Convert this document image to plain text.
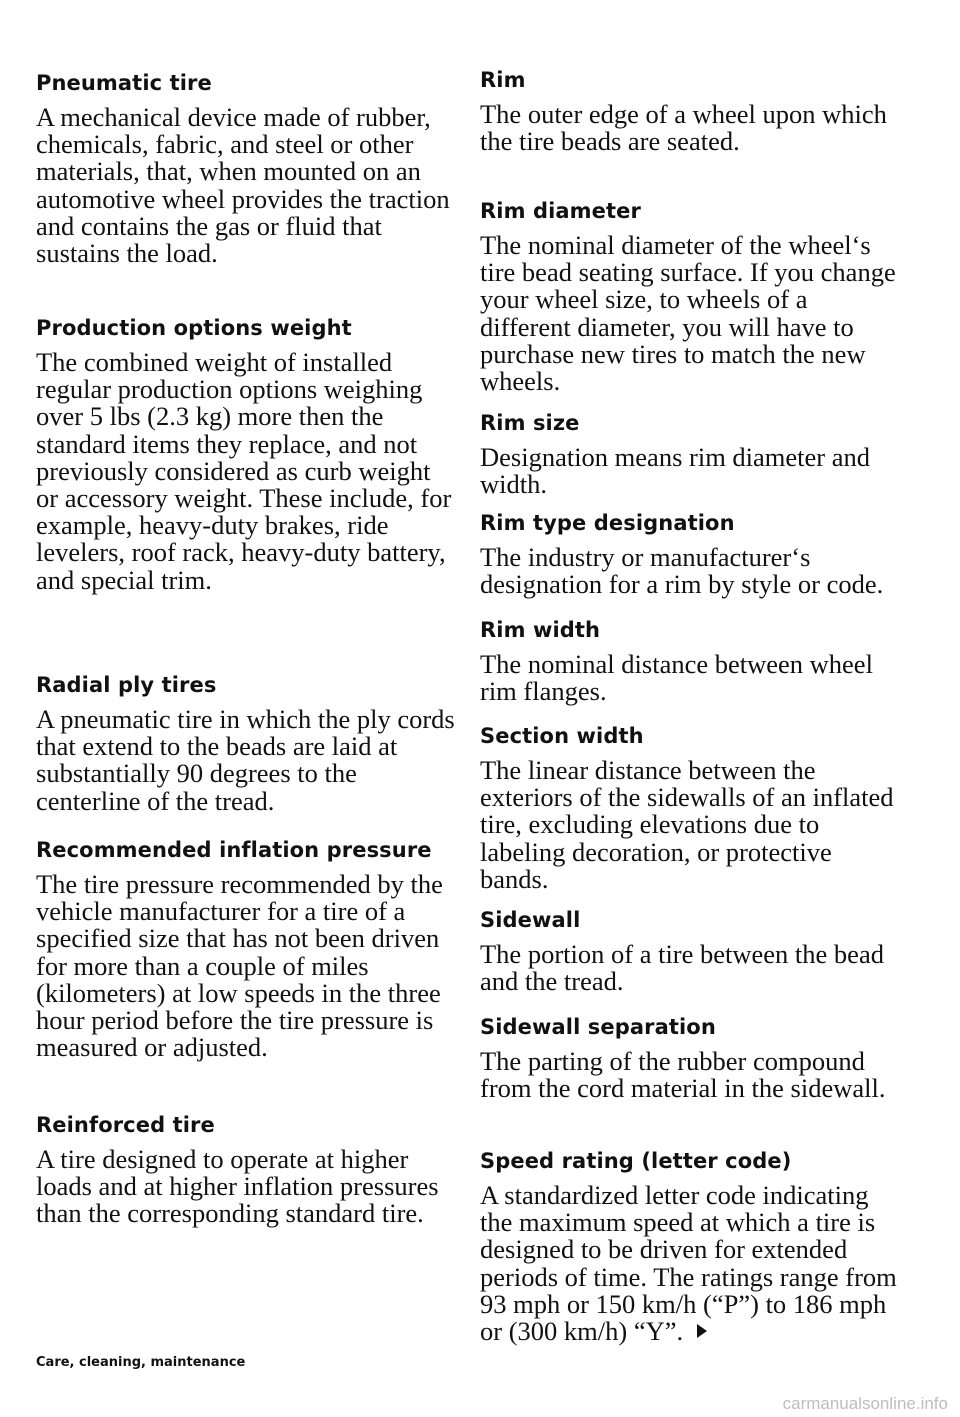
Pneumatic tire

A mechanical device made of rubber, chemicals, fabric, and steel or other materials, that, when mounted on an automotive wheel provides the traction and contains the gas or fluid that sustains the load.

Production options weight

The combined weight of installed regular production options weighing over 5 lbs (2.3 kg) more then the standard items they replace, and not previously considered as curb weight or accessory weight. These include, for example, heavy-duty brakes, ride levelers, roof rack, heavy-duty battery, and special trim.

Radial ply tires

A pneumatic tire in which the ply cords that extend to the beads are laid at substantially 90 degrees to the centerline of the tread.

Recommended inflation pressure

The tire pressure recommended by the vehicle manufacturer for a tire of a specified size that has not been driven for more than a couple of miles (kilometers) at low speeds in the three hour period before the tire pressure is measured or adjusted.

Reinforced tire

A tire designed to operate at higher loads and at higher inflation pressures than the corresponding standard tire.

Rim

The outer edge of a wheel upon which the tire beads are seated.

Rim diameter

The nominal diameter of the wheel‘s tire bead seating surface. If you change your wheel size, to wheels of a different diameter, you will have to purchase new tires to match the new wheels.

Rim size

Designation means rim diameter and width.

Rim type designation

The industry or manufacturer‘s designation for a rim by style or code.

Rim width

The nominal distance between wheel rim flanges.

Section width

The linear distance between the exteriors of the sidewalls of an inflated tire, excluding elevations due to labeling decoration, or protective bands.

Sidewall

The portion of a tire between the bead and the tread.

Sidewall separation

The parting of the rubber compound from the cord material in the sidewall.

Speed rating (letter code)

A standardized letter code indicating the maximum speed at which a tire is designed to be driven for extended periods of time. The ratings range from 93 mph or 150 km/h (“P”) to 186 mph or (300 km/h) “Y”.

Care, cleaning, maintenance
carmanualsonline.info
